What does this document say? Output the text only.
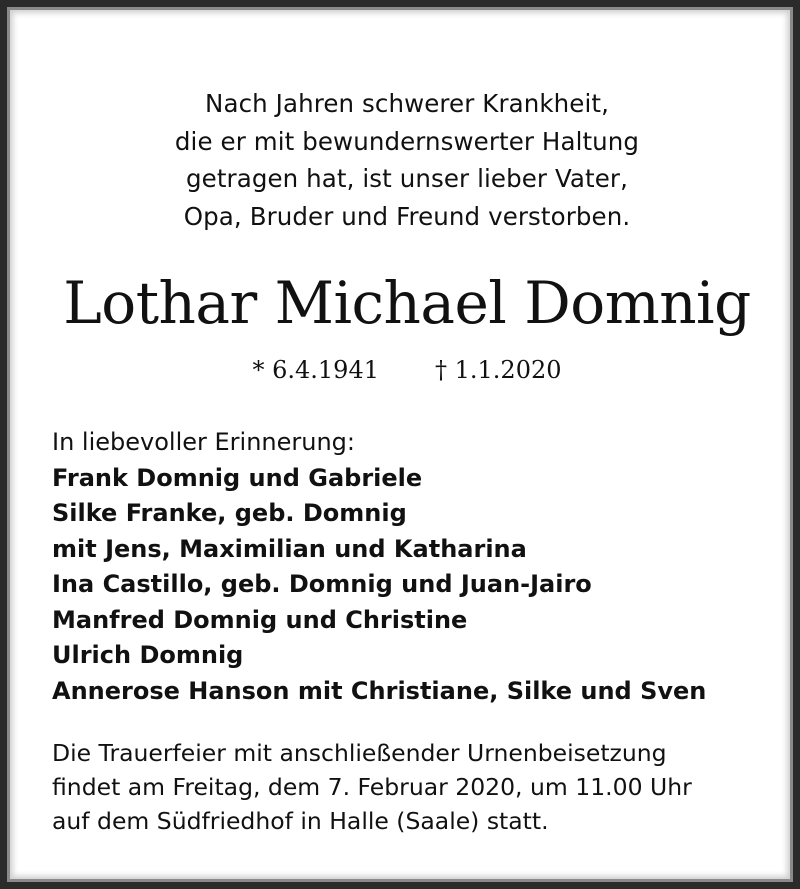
Nach Jahren schwerer Krankheit,
die er mit bewundernswerter Haltung
getragen hat, ist unser lieber Vater,
Opa, Bruder und Freund verstorben.
Lothar Michael Domnig
* 6.4.1941 † 1.1.2020
In liebevoller Erinnerung:
Frank Domnig und Gabriele
Silke Franke, geb. Domnig
mit Jens, Maximilian und Katharina
Ina Castillo, geb. Domnig und Juan-Jairo
Manfred Domnig und Christine
Ulrich Domnig
Annerose Hanson mit Christiane, Silke und Sven
Die Trauerfeier mit anschließender Urnenbeisetzung
findet am Freitag, dem 7. Februar 2020, um 11.00 Uhr
auf dem Südfriedhof in Halle (Saale) statt.
